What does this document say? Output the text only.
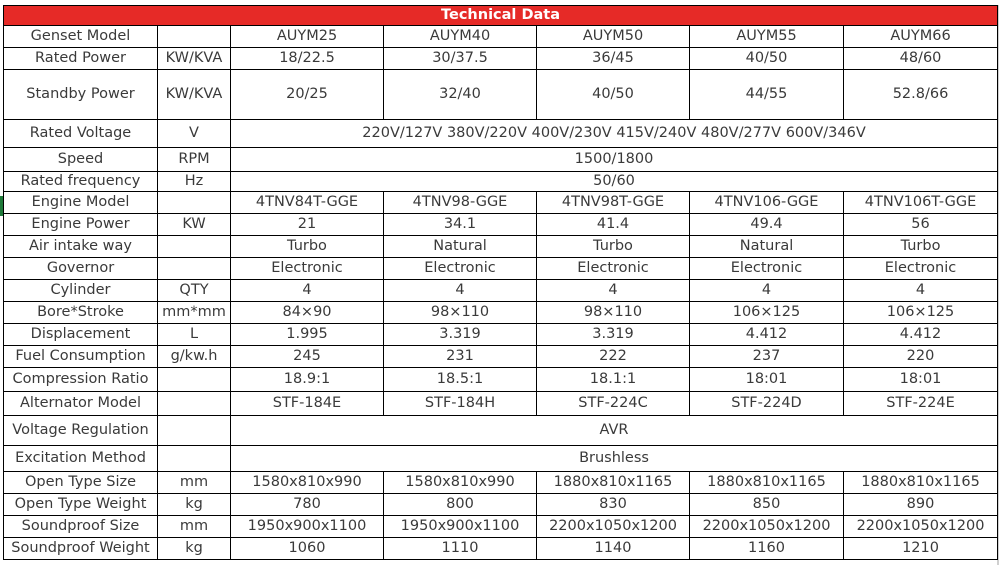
Technical Data						
Genset Model		AUYM25	AUYM40	AUYM50	AUYM55	AUYM66
Rated Power	KW/KVA	18/22.5	30/37.5	36/45	40/50	48/60
Standby Power	KW/KVA	20/25	32/40	40/50	44/55	52.8/66
Rated Voltage	V	220V/127V 380V/220V 400V/230V 415V/240V 480V/277V 600V/346V				
Speed	RPM	1500/1800				
Rated frequency	Hz	50/60				
Engine Model		4TNV84T-GGE	4TNV98-GGE	4TNV98T-GGE	4TNV106-GGE	4TNV106T-GGE
Engine Power	KW	21	34.1	41.4	49.4	56
Air intake way		Turbo	Natural	Turbo	Natural	Turbo
Governor		Electronic	Electronic	Electronic	Electronic	Electronic
Cylinder	QTY	4	4	4	4	4
Bore*Stroke	mm*mm	84×90	98×110	98×110	106×125	106×125
Displacement	L	1.995	3.319	3.319	4.412	4.412
Fuel Consumption	g/kw.h	245	231	222	237	220
Compression Ratio		18.9:1	18.5:1	18.1:1	18:01	18:01
Alternator Model		STF-184E	STF-184H	STF-224C	STF-224D	STF-224E
Voltage Regulation		AVR				
Excitation Method		Brushless				
Open Type Size	mm	1580x810x990	1580x810x990	1880x810x1165	1880x810x1165	1880x810x1165
Open Type Weight	kg	780	800	830	850	890
Soundproof Size	mm	1950x900x1100	1950x900x1100	2200x1050x1200	2200x1050x1200	2200x1050x1200
Soundproof Weight	kg	1060	1110	1140	1160	1210
